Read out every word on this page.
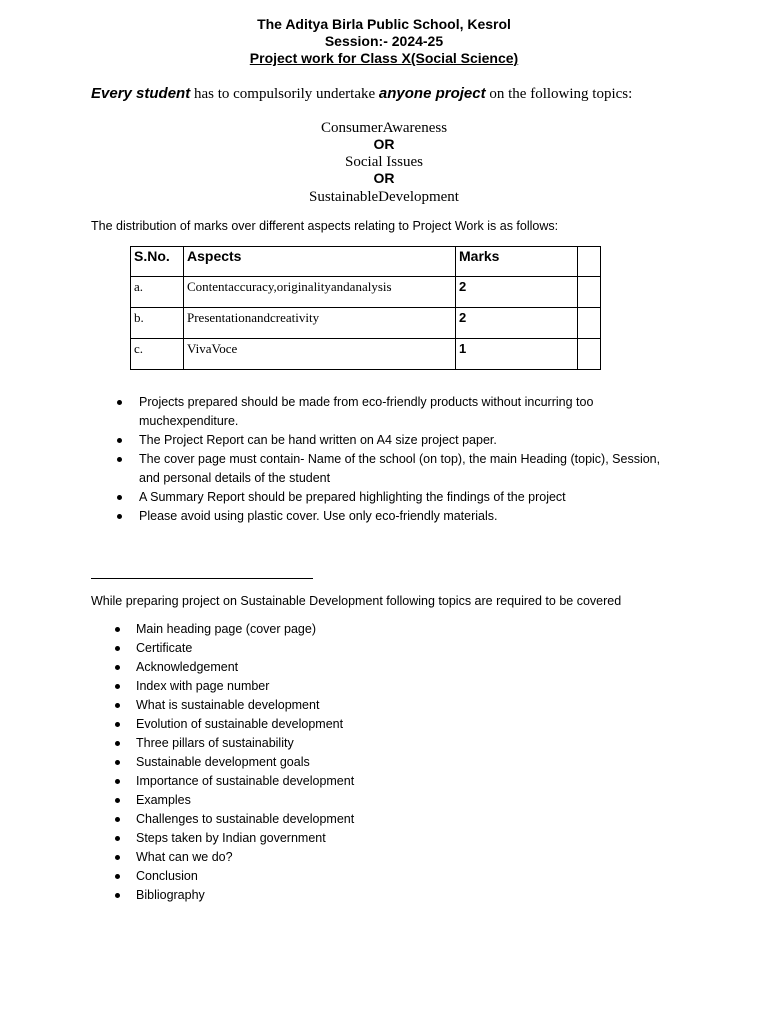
The Aditya Birla Public School, Kesrol
Session:- 2024-25
Project work for Class X(Social Science)
Every student has to compulsorily undertake anyone project on the following topics:
ConsumerAwareness
OR
Social Issues
OR
SustainableDevelopment
The distribution of marks over different aspects relating to Project Work is as follows:
S.No.	Aspects	Marks	
a.	Contentaccuracy,originalityandanalysis	2	
b.	Presentationandcreativity	2	
c.	VivaVoce	1	
Projects prepared should be made from eco-friendly products without incurring too
muchexpenditure.
The Project Report can be hand written on A4 size project paper.
The cover page must contain- Name of the school (on top), the main Heading (topic), Session,
and personal details of the student
A Summary Report should be prepared highlighting the findings of the project
Please avoid using plastic cover. Use only eco-friendly materials.
While preparing project on Sustainable Development following topics are required to be covered
Main heading page (cover page)
Certificate
Acknowledgement
Index with page number
What is sustainable development
Evolution of sustainable development
Three pillars of sustainability
Sustainable development goals
Importance of sustainable development
Examples
Challenges to sustainable development
Steps taken by Indian government
What can we do?
Conclusion
Bibliography
